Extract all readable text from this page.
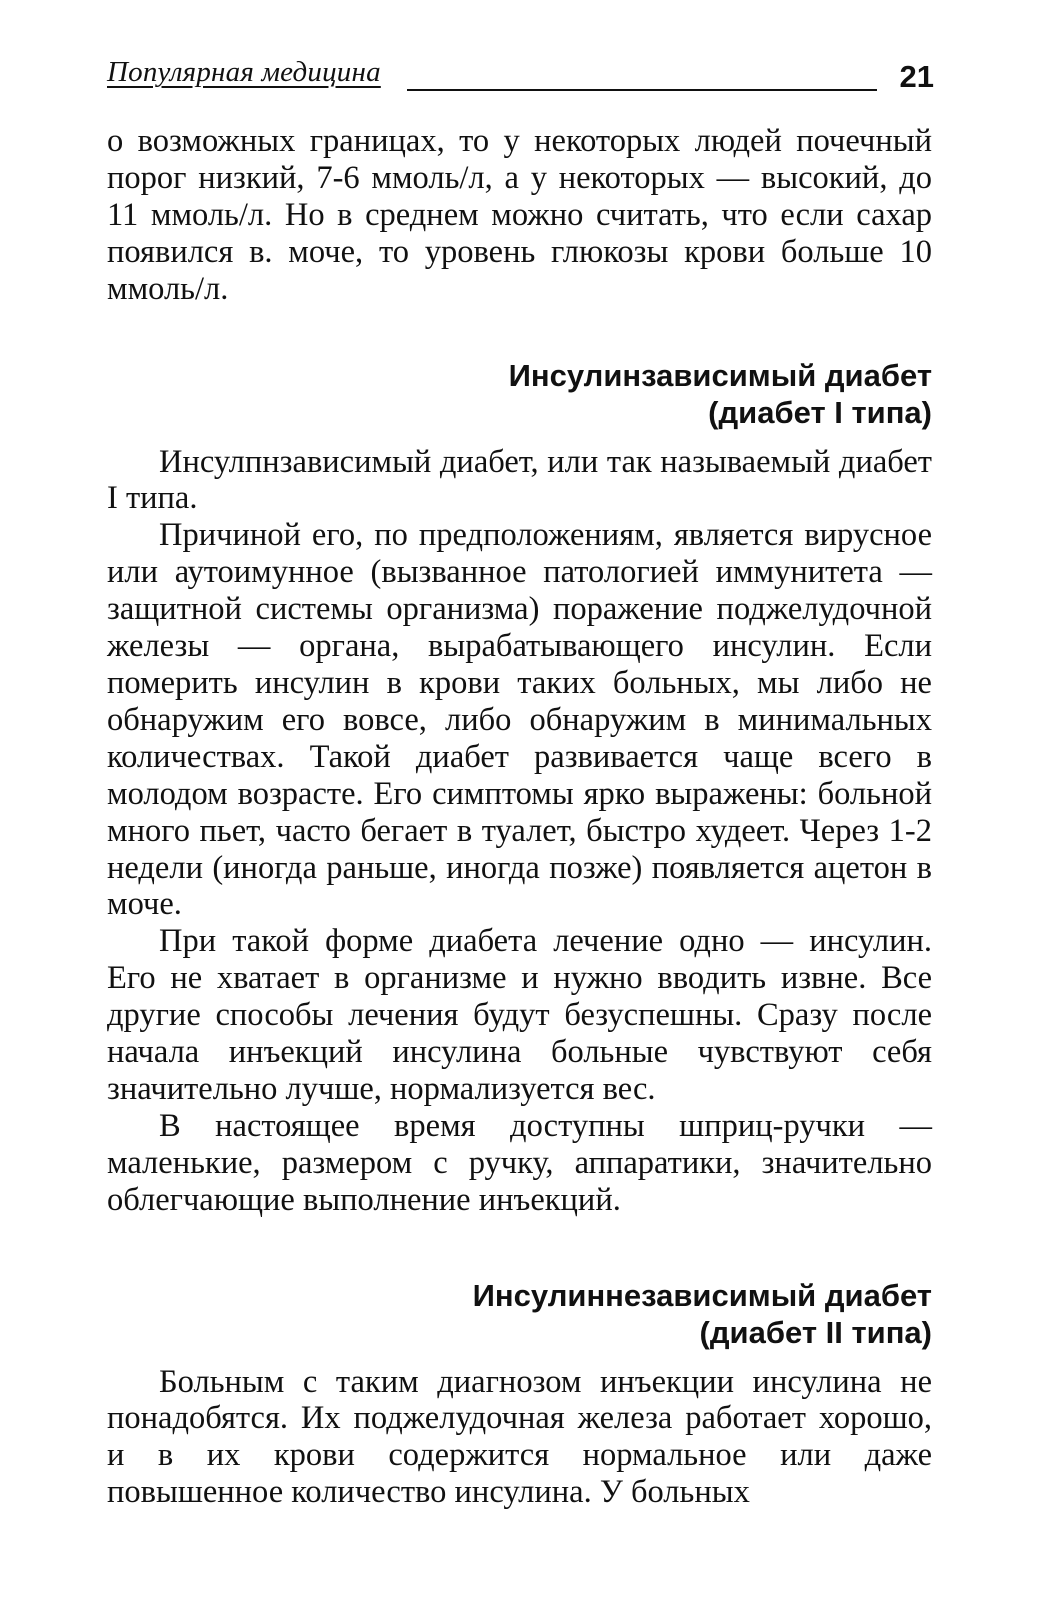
Популярная медицина	21

о возможных границах, то у некоторых людей почечный порог низкий, 7-6 ммоль/л, а у некоторых — высокий, до 11 ммоль/л. Но в среднем можно считать, что если сахар появился в. моче, то уровень глюкозы крови больше 10 ммоль/л.

Инсулинзависимый диабет
(диабет I типа)

Инсулпнзависимый диабет, или так называемый диабет I типа.

Причиной его, по предположениям, является вирусное или аутоимунное (вызванное патологией иммунитета — защитной системы организма) поражение поджелудочной железы — органа, вырабатывающего инсулин. Если померить инсулин в крови таких больных, мы либо не обнаружим его вовсе, либо обнаружим в минимальных количествах. Такой диабет развивается чаще всего в молодом возрасте. Его симптомы ярко выражены: больной много пьет, часто бегает в туалет, быстро худеет. Через 1-2 недели (иногда раньше, иногда позже) появляется ацетон в моче.

При такой форме диабета лечение одно — инсулин. Его не хватает в организме и нужно вводить извне. Все другие способы лечения будут безуспешны. Сразу после начала инъекций инсулина больные чувствуют себя значительно лучше, нормализуется вес.

В настоящее время доступны шприц-ручки — маленькие, размером с ручку, аппаратики, значительно облегчающие выполнение инъекций.

Инсулиннезависимый диабет
(диабет II типа)

Больным с таким диагнозом инъекции инсулина не понадобятся. Их поджелудочная железа работает хорошо, и в их крови содержится нормальное или даже повышенное количество инсулина. У больных
